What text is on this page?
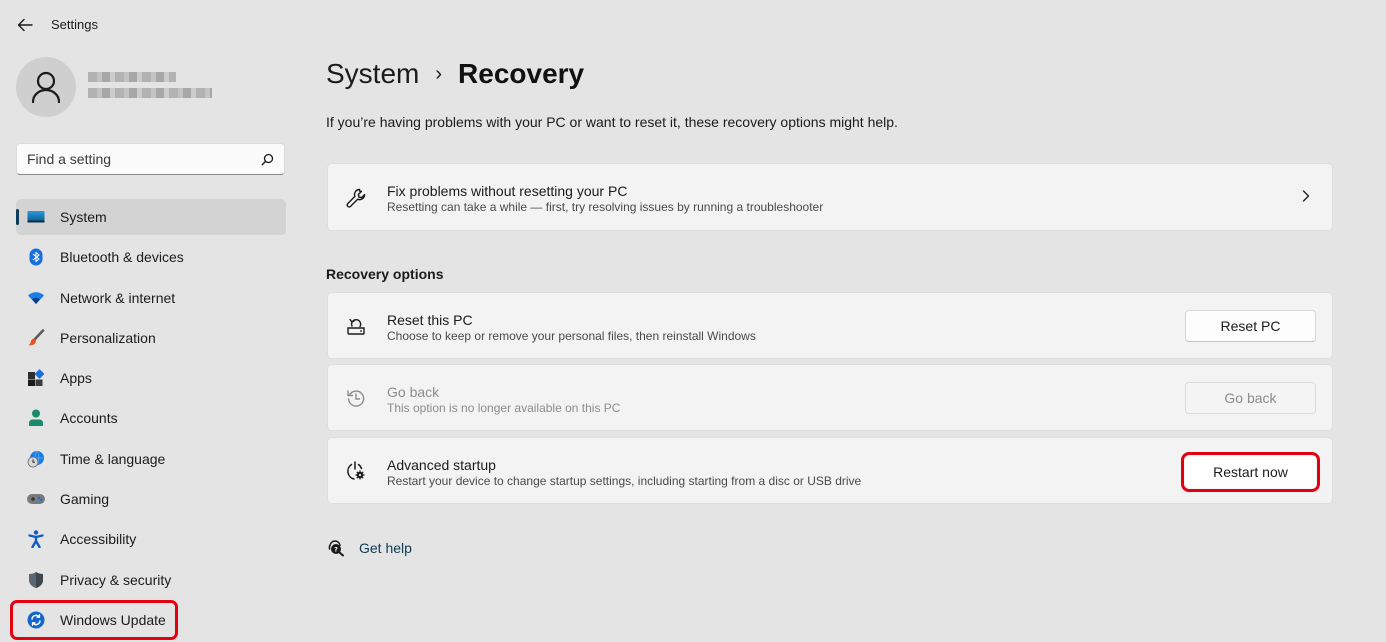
Settings
Find a setting
System
Bluetooth & devices
Network & internet
Personalization
Apps
Accounts
Time & language
Gaming
Accessibility
Privacy & security
Windows Update
System › Recovery
If you’re having problems with your PC or want to reset it, these recovery options might help.
Fix problems without resetting your PC
Resetting can take a while — first, try resolving issues by running a troubleshooter
Recovery options
Reset this PC
Choose to keep or remove your personal files, then reinstall Windows
Reset PC
Go back
This option is no longer available on this PC
Go back
Advanced startup
Restart your device to change startup settings, including starting from a disc or USB drive
Restart now
? Get help
